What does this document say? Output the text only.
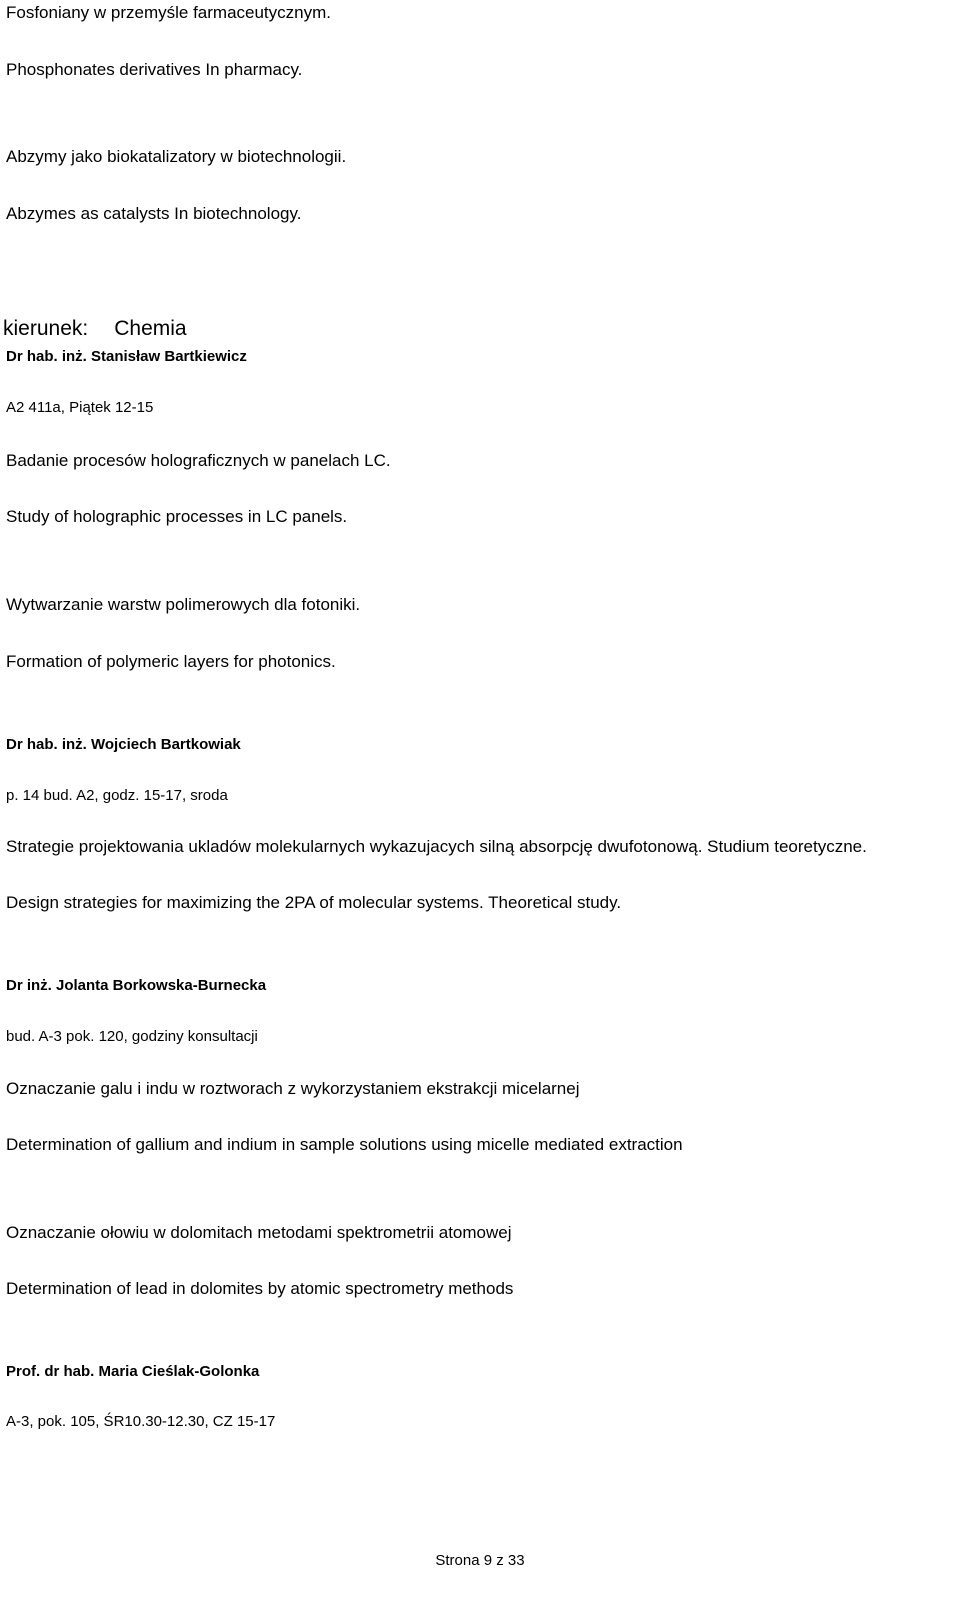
Fosfoniany w przemyśle farmaceutycznym.
Phosphonates derivatives In pharmacy.
Abzymy jako biokatalizatory w biotechnologii.
Abzymes as catalysts In biotechnology.
kierunek: Chemia
Dr hab. inż. Stanisław Bartkiewicz
A2 411a, Piątek 12-15
Badanie procesów holograficznych w panelach LC.
Study of holographic processes in LC panels.
Wytwarzanie warstw polimerowych dla fotoniki.
Formation of polymeric layers for photonics.
Dr hab. inż. Wojciech Bartkowiak
p. 14 bud. A2, godz. 15-17, sroda
Strategie projektowania ukladów molekularnych wykazujacych silną absorpcję dwufotonową. Studium teoretyczne.
Design strategies for maximizing the 2PA of molecular systems. Theoretical study.
Dr inż. Jolanta Borkowska-Burnecka
bud. A-3 pok. 120, godziny konsultacji
Oznaczanie galu i indu w roztworach z wykorzystaniem ekstrakcji micelarnej
Determination of gallium and indium in sample solutions using micelle mediated extraction
Oznaczanie ołowiu w dolomitach metodami spektrometrii atomowej
Determination of lead in dolomites by atomic spectrometry methods
Prof. dr hab. Maria Cieślak-Golonka
A-3, pok. 105, ŚR10.30-12.30, CZ 15-17
Strona 9 z 33
